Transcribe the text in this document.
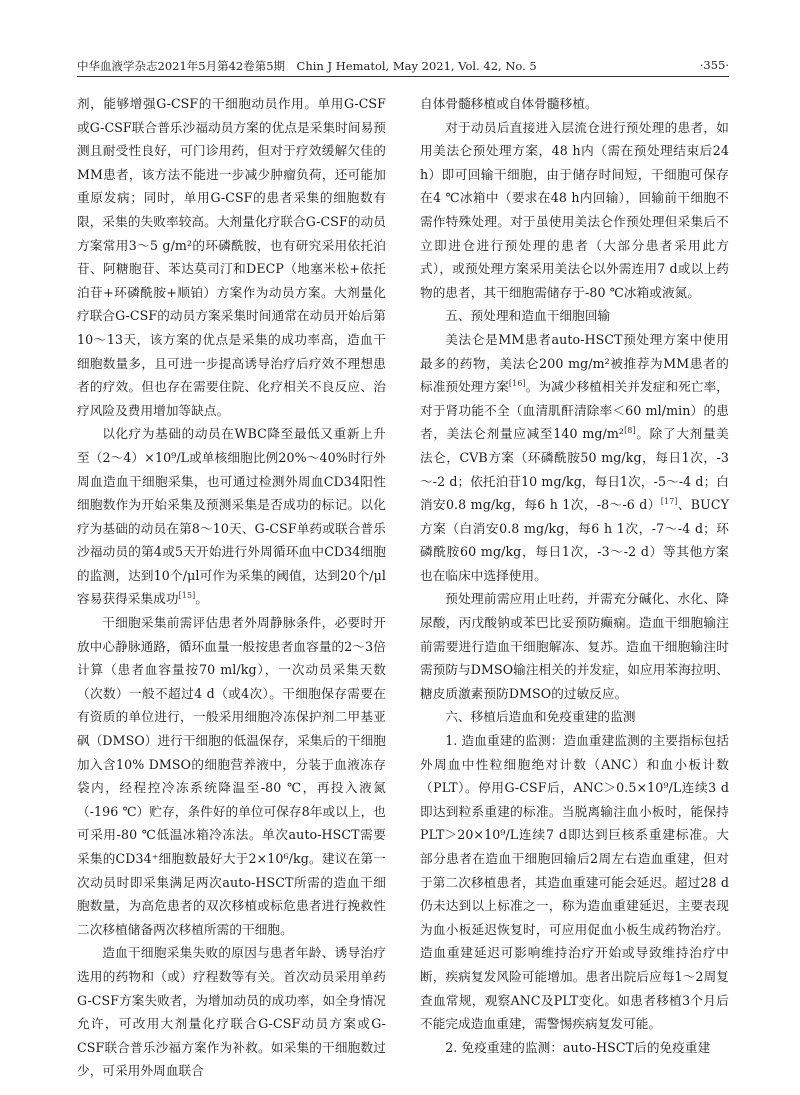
中华血液学杂志2021年5月第42卷第5期　Chin J Hematol, May 2021, Vol. 42, No. 5	·355·

剂，能够增强G-CSF的干细胞动员作用。单用G-CSF或G-CSF联合普乐沙福动员方案的优点是采集时间易预测且耐受性良好，可门诊用药，但对于疗效缓解欠佳的MM患者，该方法不能进一步减少肿瘤负荷，还可能加重原发病；同时，单用G-CSF的患者采集的细胞数有限，采集的失败率较高。大剂量化疗联合G-CSF的动员方案常用3～5 g/m²的环磷酰胺，也有研究采用依托泊苷、阿糖胞苷、苯达莫司汀和DECP（地塞米松+依托泊苷+环磷酰胺+顺铂）方案作为动员方案。大剂量化疗联合G-CSF的动员方案采集时间通常在动员开始后第10～13天，该方案的优点是采集的成功率高，造血干细胞数量多，且可进一步提高诱导治疗后疗效不理想患者的疗效。但也存在需要住院、化疗相关不良反应、治疗风险及费用增加等缺点。

以化疗为基础的动员在WBC降至最低又重新上升至（2～4）×10⁹/L或单核细胞比例20%～40%时行外周血造血干细胞采集，也可通过检测外周血CD34阳性细胞数作为开始采集及预测采集是否成功的标记。以化疗为基础的动员在第8～10天、G-CSF单药或联合普乐沙福动员的第4或5天开始进行外周循环血中CD34细胞的监测，达到10个/μl可作为采集的阈值，达到20个/μl容易获得采集成功[15]。

干细胞采集前需评估患者外周静脉条件，必要时开放中心静脉通路，循环血量一般按患者血容量的2～3倍计算（患者血容量按70 ml/kg），一次动员采集天数（次数）一般不超过4 d（或4次）。干细胞保存需要在有资质的单位进行，一般采用细胞冷冻保护剂二甲基亚砜（DMSO）进行干细胞的低温保存，采集后的干细胞加入含10% DMSO的细胞营养液中，分装于血液冻存袋内，经程控冷冻系统降温至-80 ℃，再投入液氮（-196 ℃）贮存，条件好的单位可保存8年或以上，也可采用-80 ℃低温冰箱冷冻法。单次auto-HSCT需要采集的CD34⁺细胞数最好大于2×10⁶/kg。建议在第一次动员时即采集满足两次auto-HSCT所需的造血干细胞数量，为高危患者的双次移植或标危患者进行挽救性二次移植储备两次移植所需的干细胞。

造血干细胞采集失败的原因与患者年龄、诱导治疗选用的药物和（或）疗程数等有关。首次动员采用单药G-CSF方案失败者，为增加动员的成功率，如全身情况允许，可改用大剂量化疗联合G-CSF动员方案或G-CSF联合普乐沙福方案作为补救。如采集的干细胞数过少，可采用外周血联合

自体骨髓移植或自体骨髓移植。

对于动员后直接进入层流仓进行预处理的患者，如用美法仑预处理方案，48 h内（需在预处理结束后24 h）即可回输干细胞，由于储存时间短，干细胞可保存在4 ℃冰箱中（要求在48 h内回输），回输前干细胞不需作特殊处理。对于虽使用美法仑作预处理但采集后不立即进仓进行预处理的患者（大部分患者采用此方式），或预处理方案采用美法仑以外需连用7 d或以上药物的患者，其干细胞需储存于-80 ℃冰箱或液氮。

五、预处理和造血干细胞回输

美法仑是MM患者auto-HSCT预处理方案中使用最多的药物，美法仑200 mg/m²被推荐为MM患者的标准预处理方案[16]。为减少移植相关并发症和死亡率，对于肾功能不全（血清肌酐清除率＜60 ml/min）的患者，美法仑剂量应减至140 mg/m²[8]。除了大剂量美法仑，CVB方案（环磷酰胺50 mg/kg，每日1次，-3～-2 d；依托泊苷10 mg/kg，每日1次，-5～-4 d；白消安0.8 mg/kg，每6 h 1次，-8～-6 d）[17]、BUCY方案（白消安0.8 mg/kg，每6 h 1次，-7～-4 d；环磷酰胺60 mg/kg，每日1次，-3～-2 d）等其他方案也在临床中选择使用。

预处理前需应用止吐药，并需充分碱化、水化、降尿酸，丙戊酸钠或苯巴比妥预防癫痫。造血干细胞输注前需要进行造血干细胞解冻、复苏。造血干细胞输注时需预防与DMSO输注相关的并发症，如应用苯海拉明、糖皮质激素预防DMSO的过敏反应。

六、移植后造血和免疫重建的监测

1. 造血重建的监测：造血重建监测的主要指标包括外周血中性粒细胞绝对计数（ANC）和血小板计数（PLT）。停用G-CSF后，ANC＞0.5×10⁹/L连续3 d即达到粒系重建的标准。当脱离输注血小板时，能保持PLT＞20×10⁹/L连续7 d即达到巨核系重建标准。大部分患者在造血干细胞回输后2周左右造血重建，但对于第二次移植患者，其造血重建可能会延迟。超过28 d仍未达到以上标准之一，称为造血重建延迟，主要表现为血小板延迟恢复时，可应用促血小板生成药物治疗。造血重建延迟可影响维持治疗开始或导致维持治疗中断，疾病复发风险可能增加。患者出院后应每1～2周复查血常规，观察ANC及PLT变化。如患者移植3个月后不能完成造血重建，需警惕疾病复发可能。

2. 免疫重建的监测：auto-HSCT后的免疫重建
